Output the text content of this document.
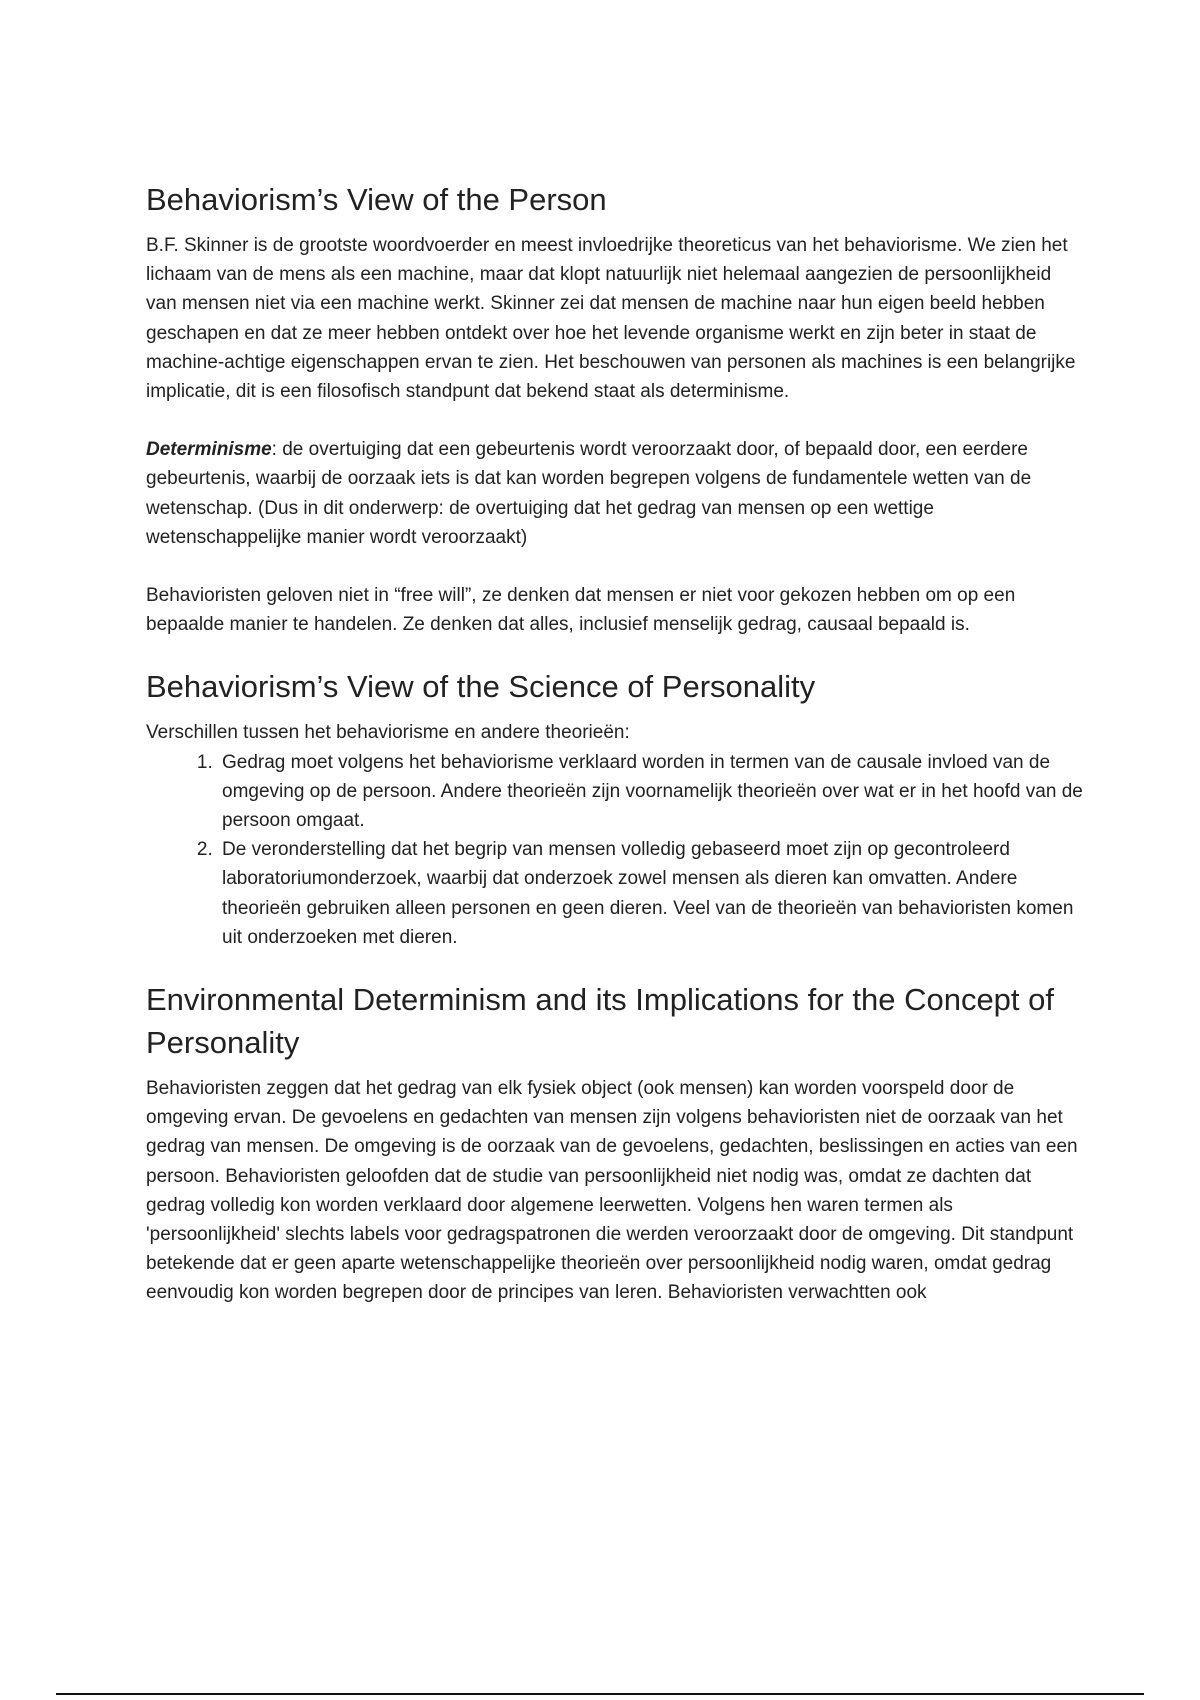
Behaviorism’s View of the Person

B.F. Skinner is de grootste woordvoerder en meest invloedrijke theoreticus van het behaviorisme. We zien het lichaam van de mens als een machine, maar dat klopt natuurlijk niet helemaal aangezien de persoonlijkheid van mensen niet via een machine werkt. Skinner zei dat mensen de machine naar hun eigen beeld hebben geschapen en dat ze meer hebben ontdekt over hoe het levende organisme werkt en zijn beter in staat de machine-achtige eigenschappen ervan te zien. Het beschouwen van personen als machines is een belangrijke implicatie, dit is een filosofisch standpunt dat bekend staat als determinisme.

Determinisme: de overtuiging dat een gebeurtenis wordt veroorzaakt door, of bepaald door, een eerdere gebeurtenis, waarbij de oorzaak iets is dat kan worden begrepen volgens de fundamentele wetten van de wetenschap. (Dus in dit onderwerp: de overtuiging dat het gedrag van mensen op een wettige wetenschappelijke manier wordt veroorzaakt)

Behavioristen geloven niet in “free will”, ze denken dat mensen er niet voor gekozen hebben om op een bepaalde manier te handelen. Ze denken dat alles, inclusief menselijk gedrag, causaal bepaald is.

Behaviorism’s View of the Science of Personality

Verschillen tussen het behaviorisme en andere theorieën:

1. Gedrag moet volgens het behaviorisme verklaard worden in termen van de causale invloed van de omgeving op de persoon. Andere theorieën zijn voornamelijk theorieën over wat er in het hoofd van de persoon omgaat.
2. De veronderstelling dat het begrip van mensen volledig gebaseerd moet zijn op gecontroleerd laboratoriumonderzoek, waarbij dat onderzoek zowel mensen als dieren kan omvatten. Andere theorieën gebruiken alleen personen en geen dieren. Veel van de theorieën van behavioristen komen uit onderzoeken met dieren.
Environmental Determinism and its Implications for the Concept of Personality

Behavioristen zeggen dat het gedrag van elk fysiek object (ook mensen) kan worden voorspeld door de omgeving ervan. De gevoelens en gedachten van mensen zijn volgens behavioristen niet de oorzaak van het gedrag van mensen. De omgeving is de oorzaak van de gevoelens, gedachten, beslissingen en acties van een persoon. Behavioristen geloofden dat de studie van persoonlijkheid niet nodig was, omdat ze dachten dat gedrag volledig kon worden verklaard door algemene leerwetten. Volgens hen waren termen als 'persoonlijkheid' slechts labels voor gedragspatronen die werden veroorzaakt door de omgeving. Dit standpunt betekende dat er geen aparte wetenschappelijke theorieën over persoonlijkheid nodig waren, omdat gedrag eenvoudig kon worden begrepen door de principes van leren. Behavioristen verwachtten ook
